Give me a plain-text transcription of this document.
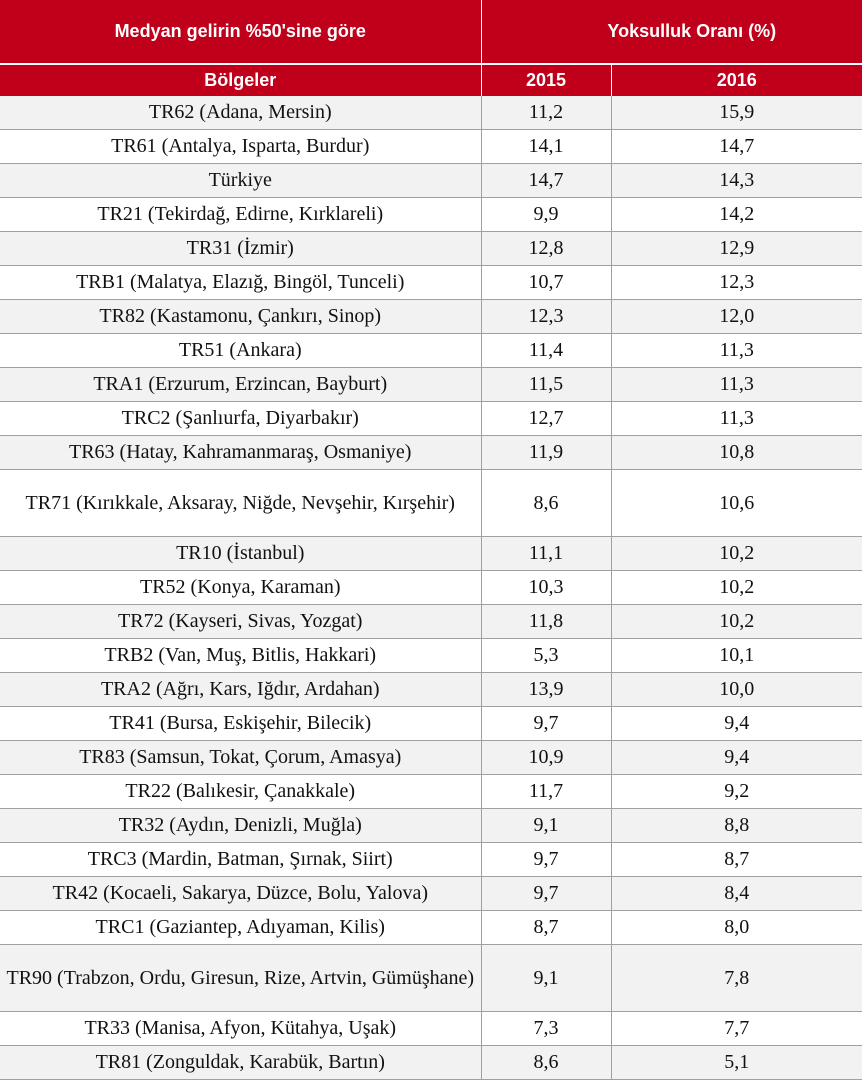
Medyan gelirin %50'sine göre	Yoksulluk Oranı (%)	
Bölgeler	2015	2016
TR62 (Adana, Mersin)	11,2	15,9
TR61 (Antalya, Isparta, Burdur)	14,1	14,7
Türkiye	14,7	14,3
TR21 (Tekirdağ, Edirne, Kırklareli)	9,9	14,2
TR31 (İzmir)	12,8	12,9
TRB1 (Malatya, Elazığ, Bingöl, Tunceli)	10,7	12,3
TR82 (Kastamonu, Çankırı, Sinop)	12,3	12,0
TR51 (Ankara)	11,4	11,3
TRA1 (Erzurum, Erzincan, Bayburt)	11,5	11,3
TRC2 (Şanlıurfa, Diyarbakır)	12,7	11,3
TR63 (Hatay, Kahramanmaraş, Osmaniye)	11,9	10,8
TR71 (Kırıkkale, Aksaray, Niğde, Nevşehir, Kırşehir)	8,6	10,6
TR10 (İstanbul)	11,1	10,2
TR52 (Konya, Karaman)	10,3	10,2
TR72 (Kayseri, Sivas, Yozgat)	11,8	10,2
TRB2 (Van, Muş, Bitlis, Hakkari)	5,3	10,1
TRA2 (Ağrı, Kars, Iğdır, Ardahan)	13,9	10,0
TR41 (Bursa, Eskişehir, Bilecik)	9,7	9,4
TR83 (Samsun, Tokat, Çorum, Amasya)	10,9	9,4
TR22 (Balıkesir, Çanakkale)	11,7	9,2
TR32 (Aydın, Denizli, Muğla)	9,1	8,8
TRC3 (Mardin, Batman, Şırnak, Siirt)	9,7	8,7
TR42 (Kocaeli, Sakarya, Düzce, Bolu, Yalova)	9,7	8,4
TRC1 (Gaziantep, Adıyaman, Kilis)	8,7	8,0
TR90 (Trabzon, Ordu, Giresun, Rize, Artvin, Gümüşhane)	9,1	7,8
TR33 (Manisa, Afyon, Kütahya, Uşak)	7,3	7,7
TR81 (Zonguldak, Karabük, Bartın)	8,6	5,1
